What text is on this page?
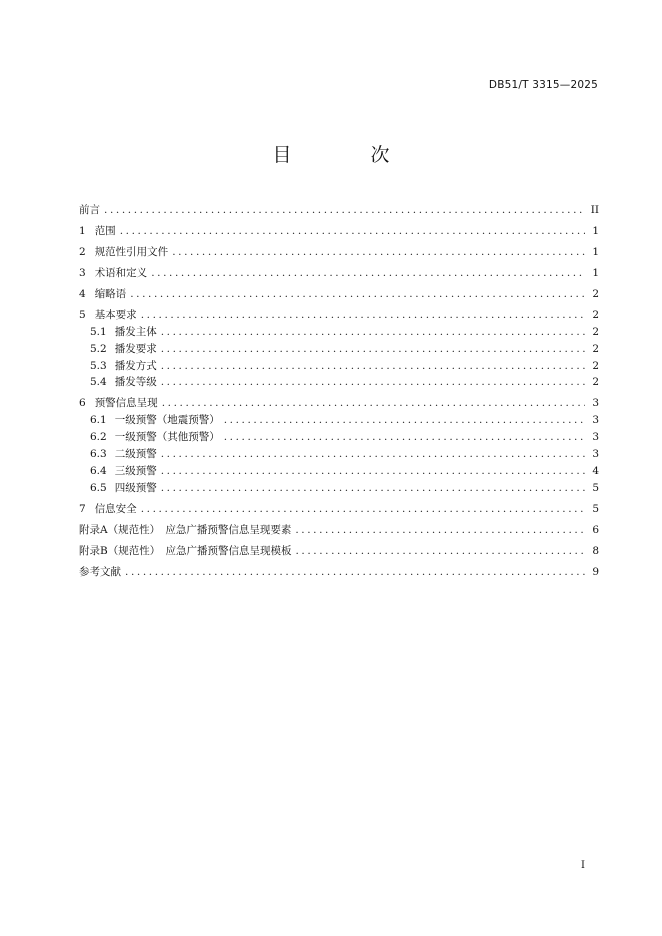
DB51/T 3315—2025
目　次
前言 .....	II
1 范围 .....	1
2 规范性引用文件 .....	1
3 术语和定义 .....	1
4 缩略语 .....	2
5 基本要求 .....	2
5.1 播发主体 .....	2
5.2 播发要求 .....	2
5.3 播发方式 .....	2
5.4 播发等级 .....	2
6 预警信息呈现 .....	3
6.1 一级预警（地震预警） .....	3
6.2 一级预警（其他预警） .....	3
6.3 二级预警 .....	3
6.4 三级预警 .....	4
6.5 四级预警 .....	5
7 信息安全 .....	5
附录A（规范性）　应急广播预警信息呈现要素 .....	6
附录B（规范性）　应急广播预警信息呈现模板 .....	8
参考文献 .....	9
I
